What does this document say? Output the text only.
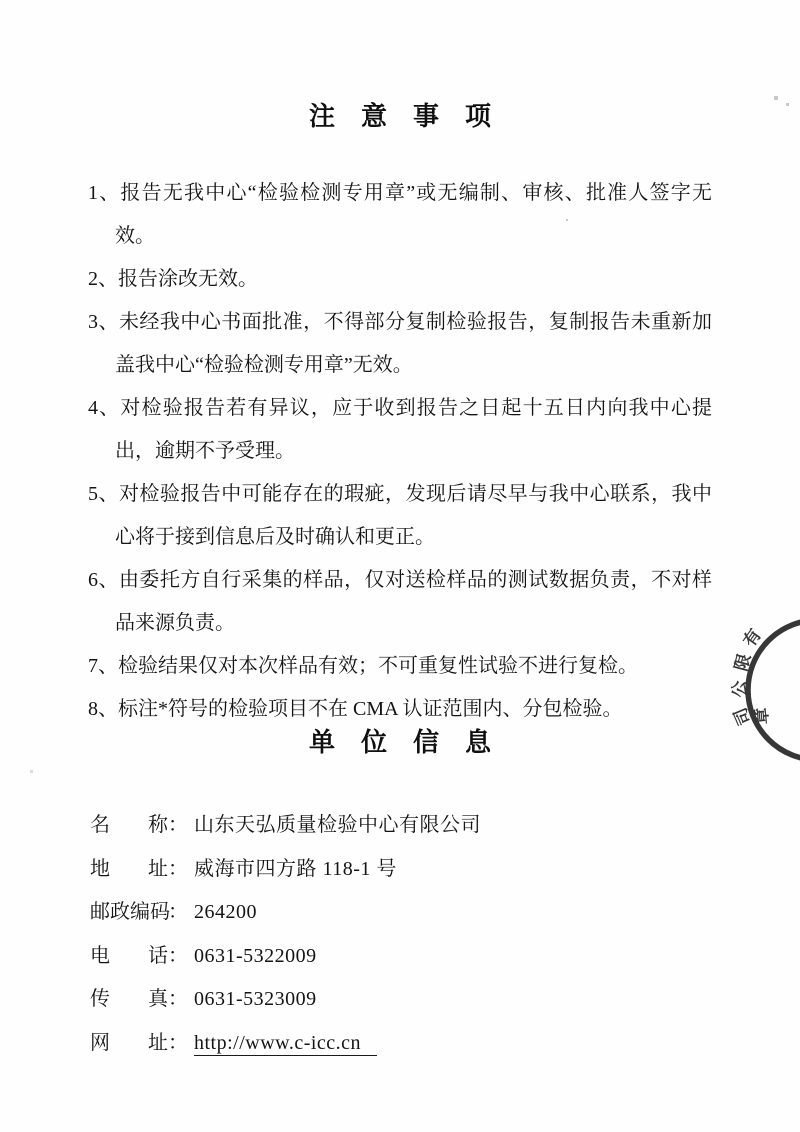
注意事项
1、报告无我中心“检验检测专用章”或无编制、审核、批准人签字无效。
2、报告涂改无效。
3、未经我中心书面批准，不得部分复制检验报告，复制报告未重新加盖我中心“检验检测专用章”无效。
4、对检验报告若有异议，应于收到报告之日起十五日内向我中心提出，逾期不予受理。
5、对检验报告中可能存在的瑕疵，发现后请尽早与我中心联系，我中心将于接到信息后及时确认和更正。
6、由委托方自行采集的样品，仅对送检样品的测试数据负责，不对样品来源负责。
7、检验结果仅对本次样品有效；不可重复性试验不进行复检。
8、标注*符号的检验项目不在 CMA 认证范围内、分包检验。
单位信息
名称： 山东天弘质量检验中心有限公司
地址： 威海市四方路 118-1 号
邮政编码： 264200
电话： 0631-5322009
传真： 0631-5323009
网址： http://www.c-icc.cn
有
限
公
司
章
